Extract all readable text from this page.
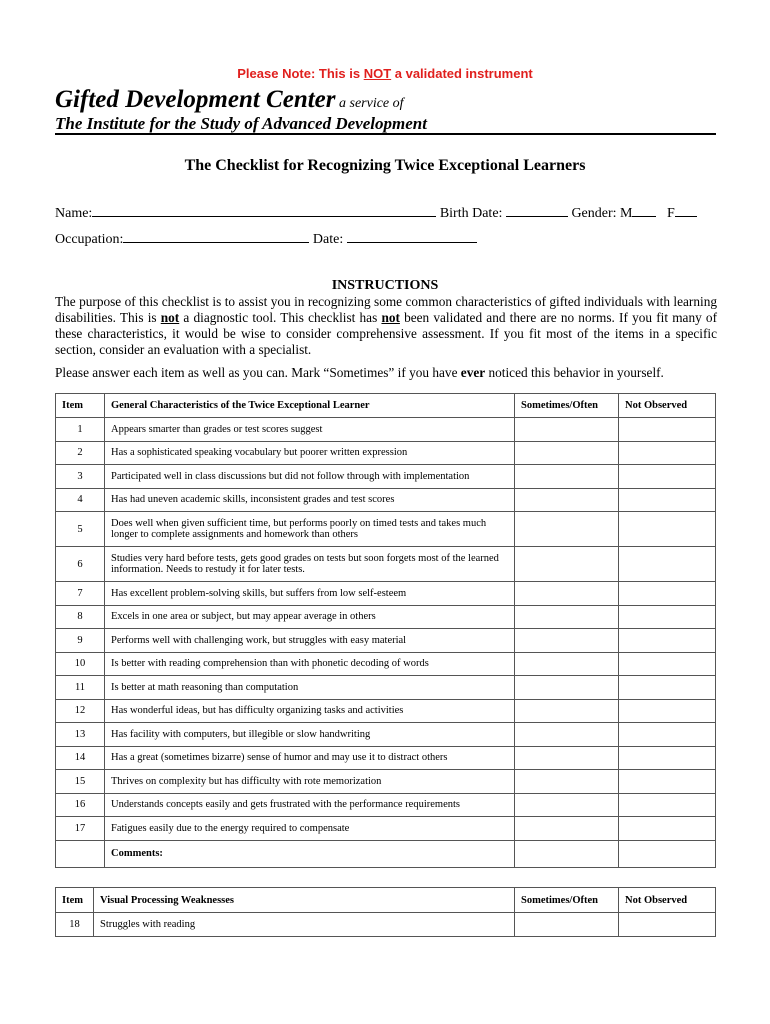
Please Note: This is NOT a validated instrument
Gifted Development Center a service of
The Institute for the Study of Advanced Development
The Checklist for Recognizing Twice Exceptional Learners
Name:	Birth Date:	Gender: M F
Occupation:	Date:
INSTRUCTIONS
The purpose of this checklist is to assist you in recognizing some common characteristics of gifted individuals with learning disabilities. This is not a diagnostic tool. This checklist has not been validated and there are no norms. If you fit many of these characteristics, it would be wise to consider comprehensive assessment. If you fit most of the items in a specific section, consider an evaluation with a specialist.
Please answer each item as well as you can. Mark “Sometimes” if you have ever noticed this behavior in yourself.
Item	General Characteristics of the Twice Exceptional Learner	Sometimes/Often	Not Observed
1	Appears smarter than grades or test scores suggest		
2	Has a sophisticated speaking vocabulary but poorer written expression		
3	Participated well in class discussions but did not follow through with implementation		
4	Has had uneven academic skills, inconsistent grades and test scores		
5	Does well when given sufficient time, but performs poorly on timed tests and takes much longer to complete assignments and homework than others		
6	Studies very hard before tests, gets good grades on tests but soon forgets most of the learned information. Needs to restudy it for later tests.		
7	Has excellent problem-solving skills, but suffers from low self-esteem		
8	Excels in one area or subject, but may appear average in others		
9	Performs well with challenging work, but struggles with easy material		
10	Is better with reading comprehension than with phonetic decoding of words		
11	Is better at math reasoning than computation		
12	Has wonderful ideas, but has difficulty organizing tasks and activities		
13	Has facility with computers, but illegible or slow handwriting		
14	Has a great (sometimes bizarre) sense of humor and may use it to distract others		
15	Thrives on complexity but has difficulty with rote memorization		
16	Understands concepts easily and gets frustrated with the performance requirements		
17	Fatigues easily due to the energy required to compensate		
	Comments:		
Item	Visual Processing Weaknesses	Sometimes/Often	Not Observed
18	Struggles with reading		
